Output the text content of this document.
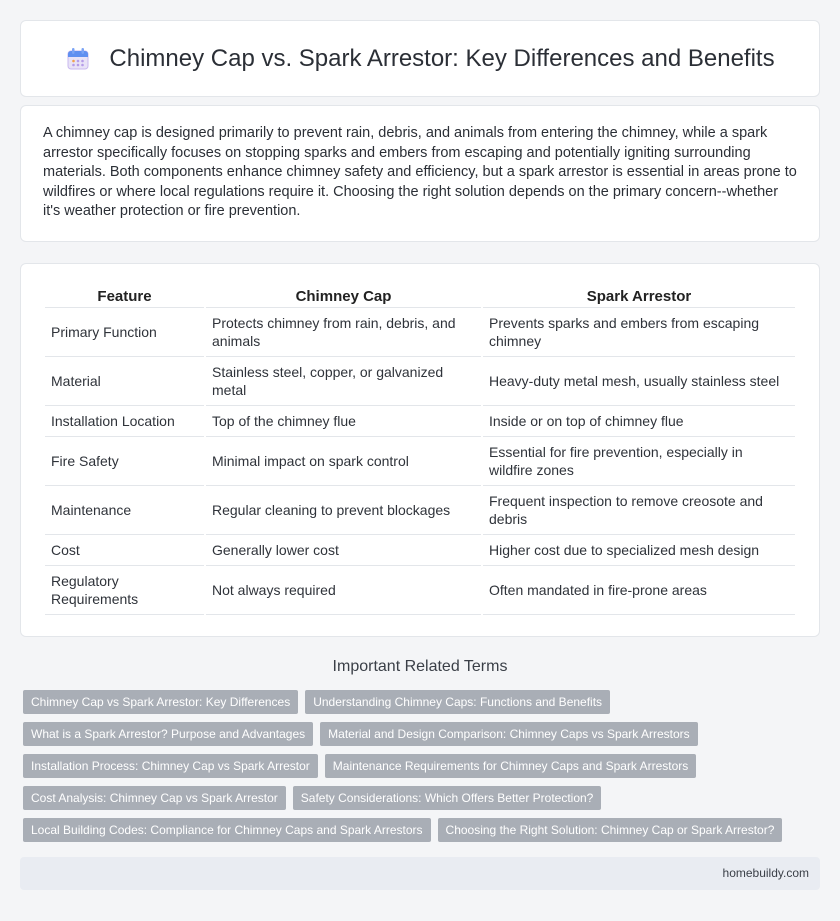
Chimney Cap vs. Spark Arrestor: Key Differences and Benefits

A chimney cap is designed primarily to prevent rain, debris, and animals from entering the chimney, while a spark arrestor specifically focuses on stopping sparks and embers from escaping and potentially igniting surrounding materials. Both components enhance chimney safety and efficiency, but a spark arrestor is essential in areas prone to wildfires or where local regulations require it. Choosing the right solution depends on the primary concern--whether it's weather protection or fire prevention.

Feature	Chimney Cap	Spark Arrestor
Primary Function	Protects chimney from rain, debris, and animals	Prevents sparks and embers from escaping chimney
Material	Stainless steel, copper, or galvanized metal	Heavy-duty metal mesh, usually stainless steel
Installation Location	Top of the chimney flue	Inside or on top of chimney flue
Fire Safety	Minimal impact on spark control	Essential for fire prevention, especially in wildfire zones
Maintenance	Regular cleaning to prevent blockages	Frequent inspection to remove creosote and debris
Cost	Generally lower cost	Higher cost due to specialized mesh design
Regulatory Requirements	Not always required	Often mandated in fire-prone areas
Important Related Terms
Chimney Cap vs Spark Arrestor: Key Differences	Understanding Chimney Caps: Functions and Benefits
What is a Spark Arrestor? Purpose and Advantages	Material and Design Comparison: Chimney Caps vs Spark Arrestors
Installation Process: Chimney Cap vs Spark Arrestor	Maintenance Requirements for Chimney Caps and Spark Arrestors
Cost Analysis: Chimney Cap vs Spark Arrestor	Safety Considerations: Which Offers Better Protection?
Local Building Codes: Compliance for Chimney Caps and Spark Arrestors	Choosing the Right Solution: Chimney Cap or Spark Arrestor?
homebuildy.com
